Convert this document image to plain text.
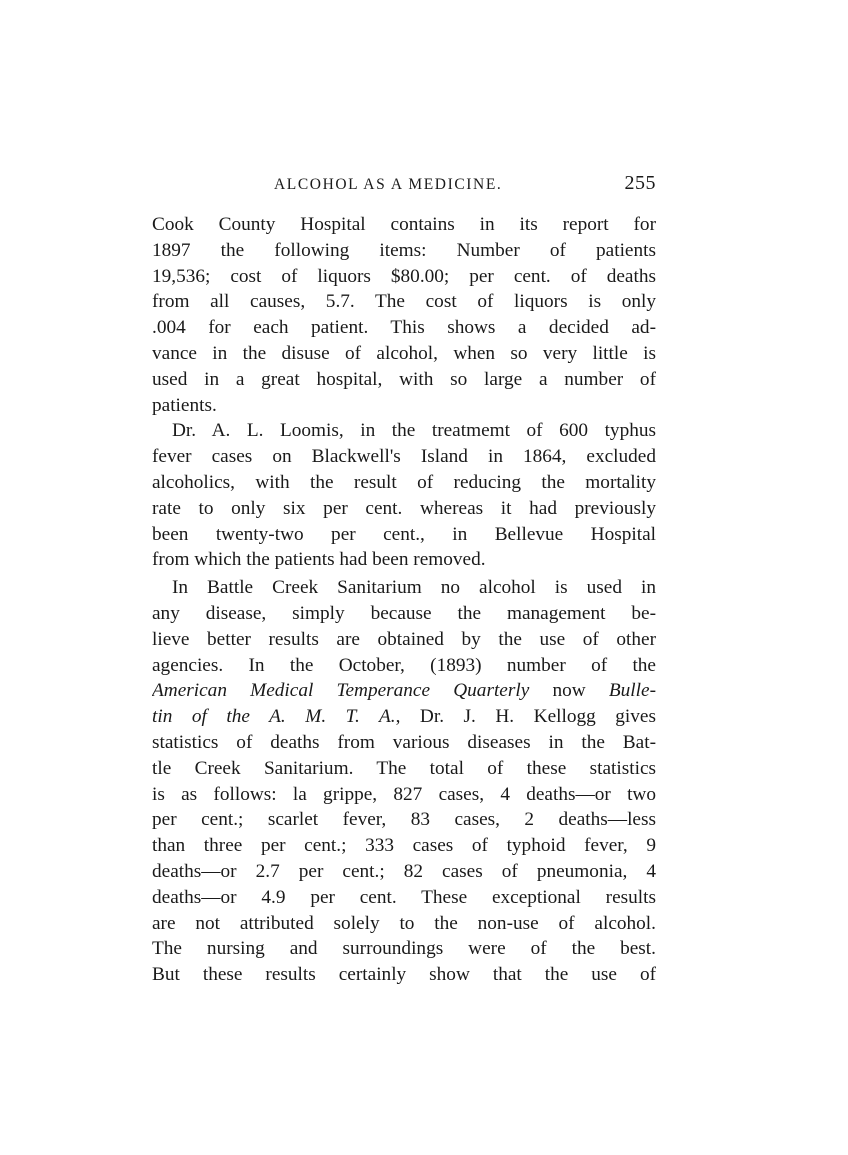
ALCOHOL AS A MEDICINE.	255
Cook County Hospital contains in its report for
1897 the following items: Number of patients
19,536; cost of liquors $80.00; per cent. of deaths
from all causes, 5.7. The cost of liquors is only
.004 for each patient. This shows a decided ad-
vance in the disuse of alcohol, when so very little is
used in a great hospital, with so large a number of
patients.
Dr. A. L. Loomis, in the treatmemt of 600 typhus
fever cases on Blackwell's Island in 1864, excluded
alcoholics, with the result of reducing the mortality
rate to only six per cent. whereas it had previously
been twenty-two per cent., in Bellevue Hospital
from which the patients had been removed.
In Battle Creek Sanitarium no alcohol is used in
any disease, simply because the management be-
lieve better results are obtained by the use of other
agencies. In the October, (1893) number of the
American Medical Temperance Quarterly now Bulle-
tin of the A. M. T. A., Dr. J. H. Kellogg gives
statistics of deaths from various diseases in the Bat-
tle Creek Sanitarium. The total of these statistics
is as follows: la grippe, 827 cases, 4 deaths—or two
per cent.; scarlet fever, 83 cases, 2 deaths—less
than three per cent.; 333 cases of typhoid fever, 9
deaths—or 2.7 per cent.; 82 cases of pneumonia, 4
deaths—or 4.9 per cent. These exceptional results
are not attributed solely to the non-use of alcohol.
The nursing and surroundings were of the best.
But these results certainly show that the use of
